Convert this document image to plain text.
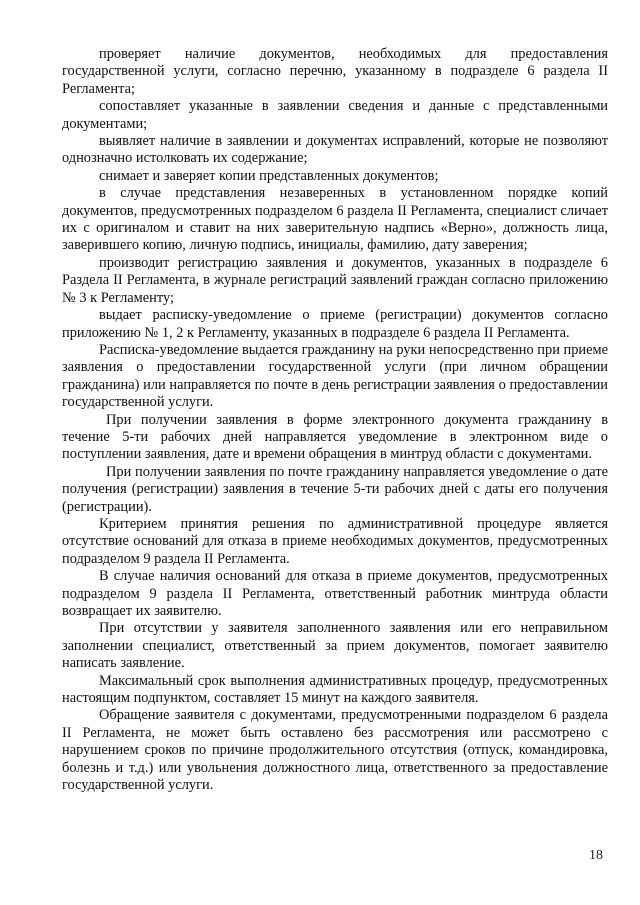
проверяет наличие документов, необходимых для предоставления государственной услуги, согласно перечню, указанному в подразделе 6 раздела II Регламента;

сопоставляет указанные в заявлении сведения и данные с представленными документами;

выявляет наличие в заявлении и документах исправлений, которые не позволяют однозначно истолковать их содержание;

снимает и заверяет копии представленных документов;

в случае представления незаверенных в установленном порядке копий документов, предусмотренных подразделом 6 раздела II Регламента, специалист сличает их с оригиналом и ставит на них заверительную надпись «Верно», должность лица, заверившего копию, личную подпись, инициалы, фамилию, дату заверения;

производит регистрацию заявления и документов, указанных в подразделе 6 Раздела II Регламента, в журнале регистраций заявлений граждан согласно приложению № 3 к Регламенту;

выдает расписку-уведомление о приеме (регистрации) документов согласно приложению № 1, 2 к Регламенту, указанных в подразделе 6 раздела II Регламента.

Расписка-уведомление выдается гражданину на руки непосредственно при приеме заявления о предоставлении государственной услуги (при личном обращении гражданина) или направляется по почте в день регистрации заявления о предоставлении государственной услуги.

При получении заявления в форме электронного документа гражданину в течение 5-ти рабочих дней направляется уведомление в электронном виде о поступлении заявления, дате и времени обращения в минтруд области с документами.

При получении заявления по почте гражданину направляется уведомление о дате получения (регистрации) заявления в течение 5-ти рабочих дней с даты его получения (регистрации).

Критерием принятия решения по административной процедуре является отсутствие оснований для отказа в приеме необходимых документов, предусмотренных подразделом 9 раздела II Регламента.

В случае наличия оснований для отказа в приеме документов, предусмотренных подразделом 9 раздела II Регламента, ответственный работник минтруда области возвращает их заявителю.

При отсутствии у заявителя заполненного заявления или его неправильном заполнении специалист, ответственный за прием документов, помогает заявителю написать заявление.

Максимальный срок выполнения административных процедур, предусмотренных настоящим подпунктом, составляет 15 минут на каждого заявителя.

Обращение заявителя с документами, предусмотренными подразделом 6 раздела II Регламента, не может быть оставлено без рассмотрения или рассмотрено с нарушением сроков по причине продолжительного отсутствия (отпуск, командировка, болезнь и т.д.) или увольнения должностного лица, ответственного за предоставление государственной услуги.

18
